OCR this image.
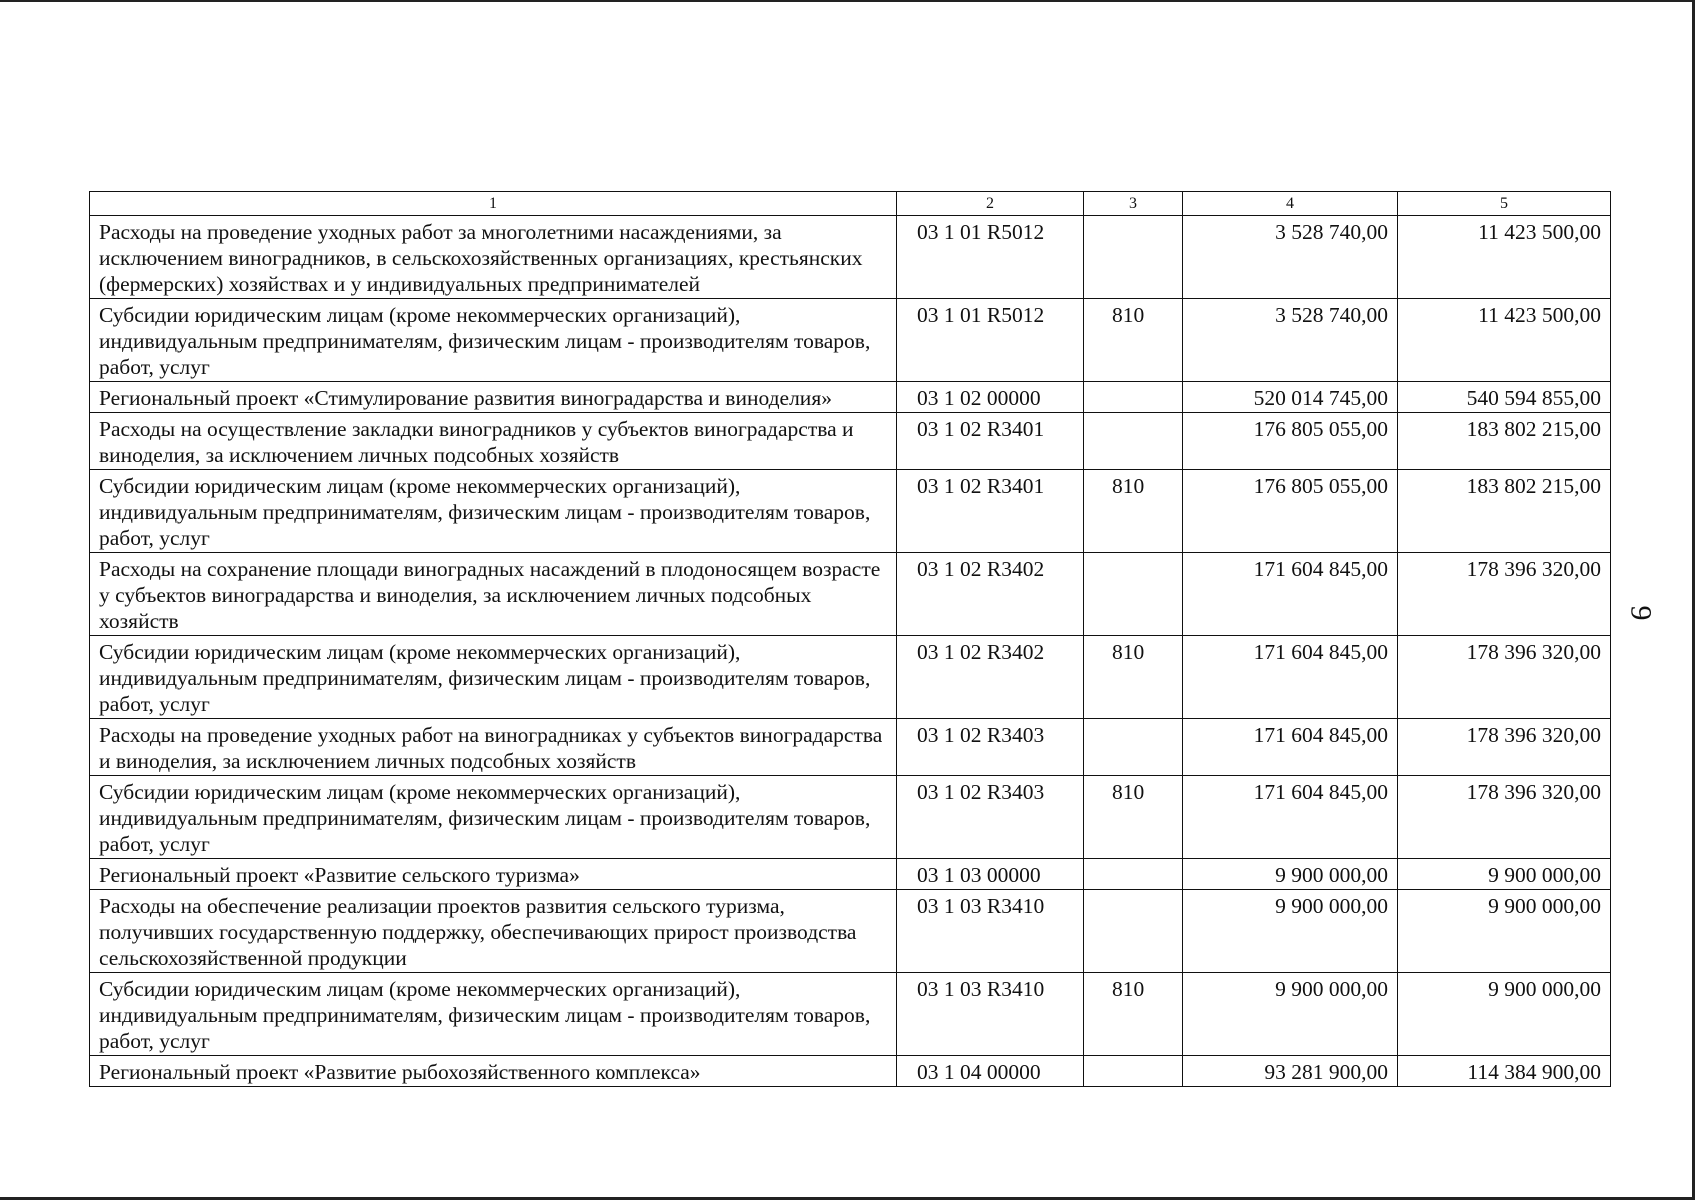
1	2	3	4	5
Расходы на проведение уходных работ за многолетними насаждениями, за исключением виноградников, в сельскохозяйственных организациях, крестьянских (фермерских) хозяйствах и у индивидуальных предпринимателей	03 1 01 R5012		3 528 740,00	11 423 500,00
Субсидии юридическим лицам (кроме некоммерческих организаций), индивидуальным предпринимателям, физическим лицам - производителям товаров, работ, услуг	03 1 01 R5012	810	3 528 740,00	11 423 500,00
Региональный проект «Стимулирование развития виноградарства и виноделия»	03 1 02 00000		520 014 745,00	540 594 855,00
Расходы на осуществление закладки виноградников у субъектов виноградарства и виноделия, за исключением личных подсобных хозяйств	03 1 02 R3401		176 805 055,00	183 802 215,00
Субсидии юридическим лицам (кроме некоммерческих организаций), индивидуальным предпринимателям, физическим лицам - производителям товаров, работ, услуг	03 1 02 R3401	810	176 805 055,00	183 802 215,00
Расходы на сохранение площади виноградных насаждений в плодоносящем возрасте у субъектов виноградарства и виноделия, за исключением личных подсобных хозяйств	03 1 02 R3402		171 604 845,00	178 396 320,00
Субсидии юридическим лицам (кроме некоммерческих организаций), индивидуальным предпринимателям, физическим лицам - производителям товаров, работ, услуг	03 1 02 R3402	810	171 604 845,00	178 396 320,00
Расходы на проведение уходных работ на виноградниках у субъектов виноградарства и виноделия, за исключением личных подсобных хозяйств	03 1 02 R3403		171 604 845,00	178 396 320,00
Субсидии юридическим лицам (кроме некоммерческих организаций), индивидуальным предпринимателям, физическим лицам - производителям товаров, работ, услуг	03 1 02 R3403	810	171 604 845,00	178 396 320,00
Региональный проект «Развитие сельского туризма»	03 1 03 00000		9 900 000,00	9 900 000,00
Расходы на обеспечение реализации проектов развития сельского туризма, получивших государственную поддержку, обеспечивающих прирост производства сельскохозяйственной продукции	03 1 03 R3410		9 900 000,00	9 900 000,00
Субсидии юридическим лицам (кроме некоммерческих организаций), индивидуальным предпринимателям, физическим лицам - производителям товаров, работ, услуг	03 1 03 R3410	810	9 900 000,00	9 900 000,00
Региональный проект «Развитие рыбохозяйственного комплекса»	03 1 04 00000		93 281 900,00	114 384 900,00
9
